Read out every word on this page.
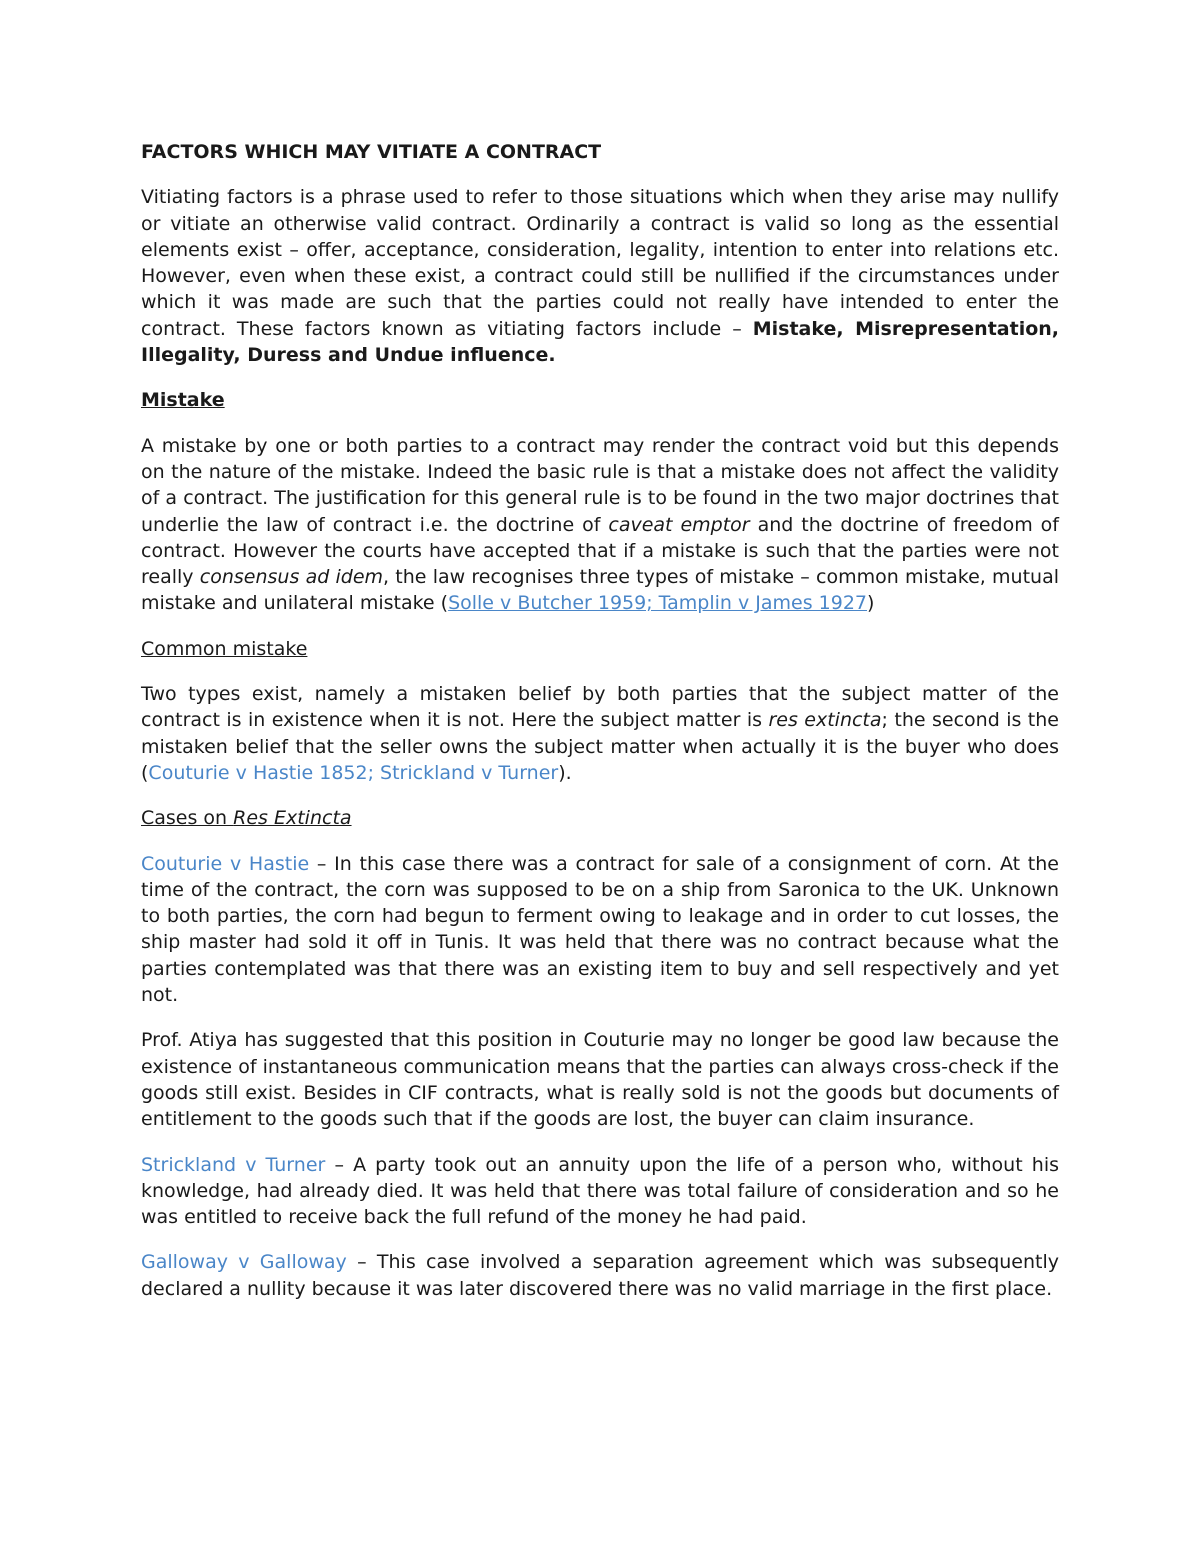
FACTORS WHICH MAY VITIATE A CONTRACT

Vitiating factors is a phrase used to refer to those situations which when they arise may nullify or vitiate an otherwise valid contract. Ordinarily a contract is valid so long as the essential elements exist – offer, acceptance, consideration, legality, intention to enter into relations etc. However, even when these exist, a contract could still be nullified if the circumstances under which it was made are such that the parties could not really have intended to enter the contract. These factors known as vitiating factors include – Mistake, Misrepresentation, Illegality, Duress and Undue influence.

Mistake

A mistake by one or both parties to a contract may render the contract void but this depends on the nature of the mistake. Indeed the basic rule is that a mistake does not affect the validity of a contract. The justification for this general rule is to be found in the two major doctrines that underlie the law of contract i.e. the doctrine of caveat emptor and the doctrine of freedom of contract. However the courts have accepted that if a mistake is such that the parties were not really consensus ad idem, the law recognises three types of mistake – common mistake, mutual mistake and unilateral mistake (Solle v Butcher 1959; Tamplin v James 1927)

Common mistake

Two types exist, namely a mistaken belief by both parties that the subject matter of the contract is in existence when it is not. Here the subject matter is res extincta; the second is the mistaken belief that the seller owns the subject matter when actually it is the buyer who does (Couturie v Hastie 1852; Strickland v Turner).

Cases on Res Extincta

Couturie v Hastie – In this case there was a contract for sale of a consignment of corn. At the time of the contract, the corn was supposed to be on a ship from Saronica to the UK. Unknown to both parties, the corn had begun to ferment owing to leakage and in order to cut losses, the ship master had sold it off in Tunis. It was held that there was no contract because what the parties contemplated was that there was an existing item to buy and sell respectively and yet not.

Prof. Atiya has suggested that this position in Couturie may no longer be good law because the existence of instantaneous communication means that the parties can always cross-check if the goods still exist. Besides in CIF contracts, what is really sold is not the goods but documents of entitlement to the goods such that if the goods are lost, the buyer can claim insurance.

Strickland v Turner – A party took out an annuity upon the life of a person who, without his knowledge, had already died. It was held that there was total failure of consideration and so he was entitled to receive back the full refund of the money he had paid.

Galloway v Galloway – This case involved a separation agreement which was subsequently declared a nullity because it was later discovered there was no valid marriage in the first place.
